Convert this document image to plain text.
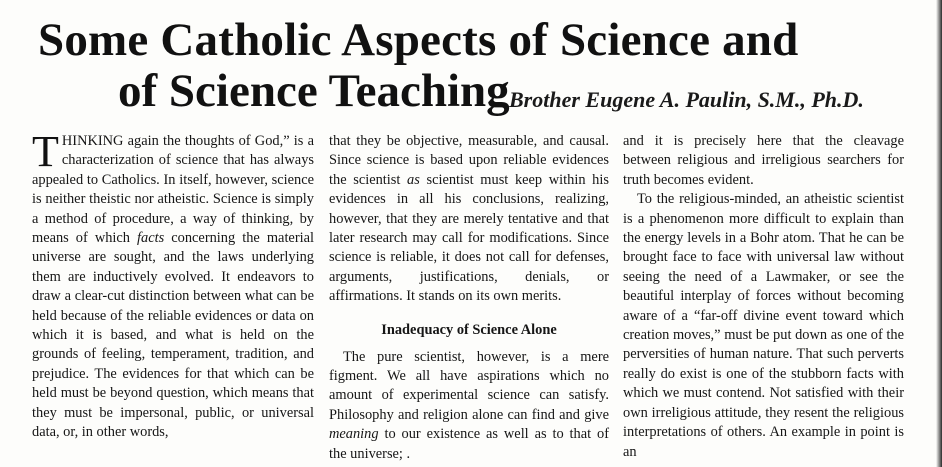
Some Catholic Aspects of Science and
of Science Teaching Brother Eugene A. Paulin, S.M., Ph.D.

THINKING again the thoughts of God,” is a characterization of science that has always appealed to Catholics. In itself, however, science is neither theistic nor atheistic. Science is simply a method of procedure, a way of thinking, by means of which facts concerning the material universe are sought, and the laws underlying them are inductively evolved. It endeavors to draw a clear-cut distinction between what can be held because of the reliable evidences or data on which it is based, and what is held on the grounds of feeling, temperament, tradition, and prejudice. The evidences for that which can be held must be beyond question, which means that they must be impersonal, public, or universal data, or, in other words,

that they be objective, measurable, and causal. Since science is based upon reliable evidences the scientist as scientist must keep within his evidences in all his conclusions, realizing, however, that they are merely tentative and that later research may call for modifications. Since science is reliable, it does not call for defenses, arguments, justifications, denials, or affirmations. It stands on its own merits.

Inadequacy of Science Alone

The pure scientist, however, is a mere figment. We all have aspirations which no amount of experimental science can satisfy. Philosophy and religion alone can find and give meaning to our existence as well as to that of the universe; .

and it is precisely here that the cleavage between religious and irreligious searchers for truth becomes evident.

To the religious-minded, an atheistic scientist is a phenomenon more difficult to explain than the energy levels in a Bohr atom. That he can be brought face to face with universal law without seeing the need of a Lawmaker, or see the beautiful interplay of forces without becoming aware of a “far-off divine event toward which creation moves,” must be put down as one of the perversities of human nature. That such perverts really do exist is one of the stubborn facts with which we must contend. Not satisfied with their own irreligious attitude, they resent the religious interpretations of others. An example in point is an
